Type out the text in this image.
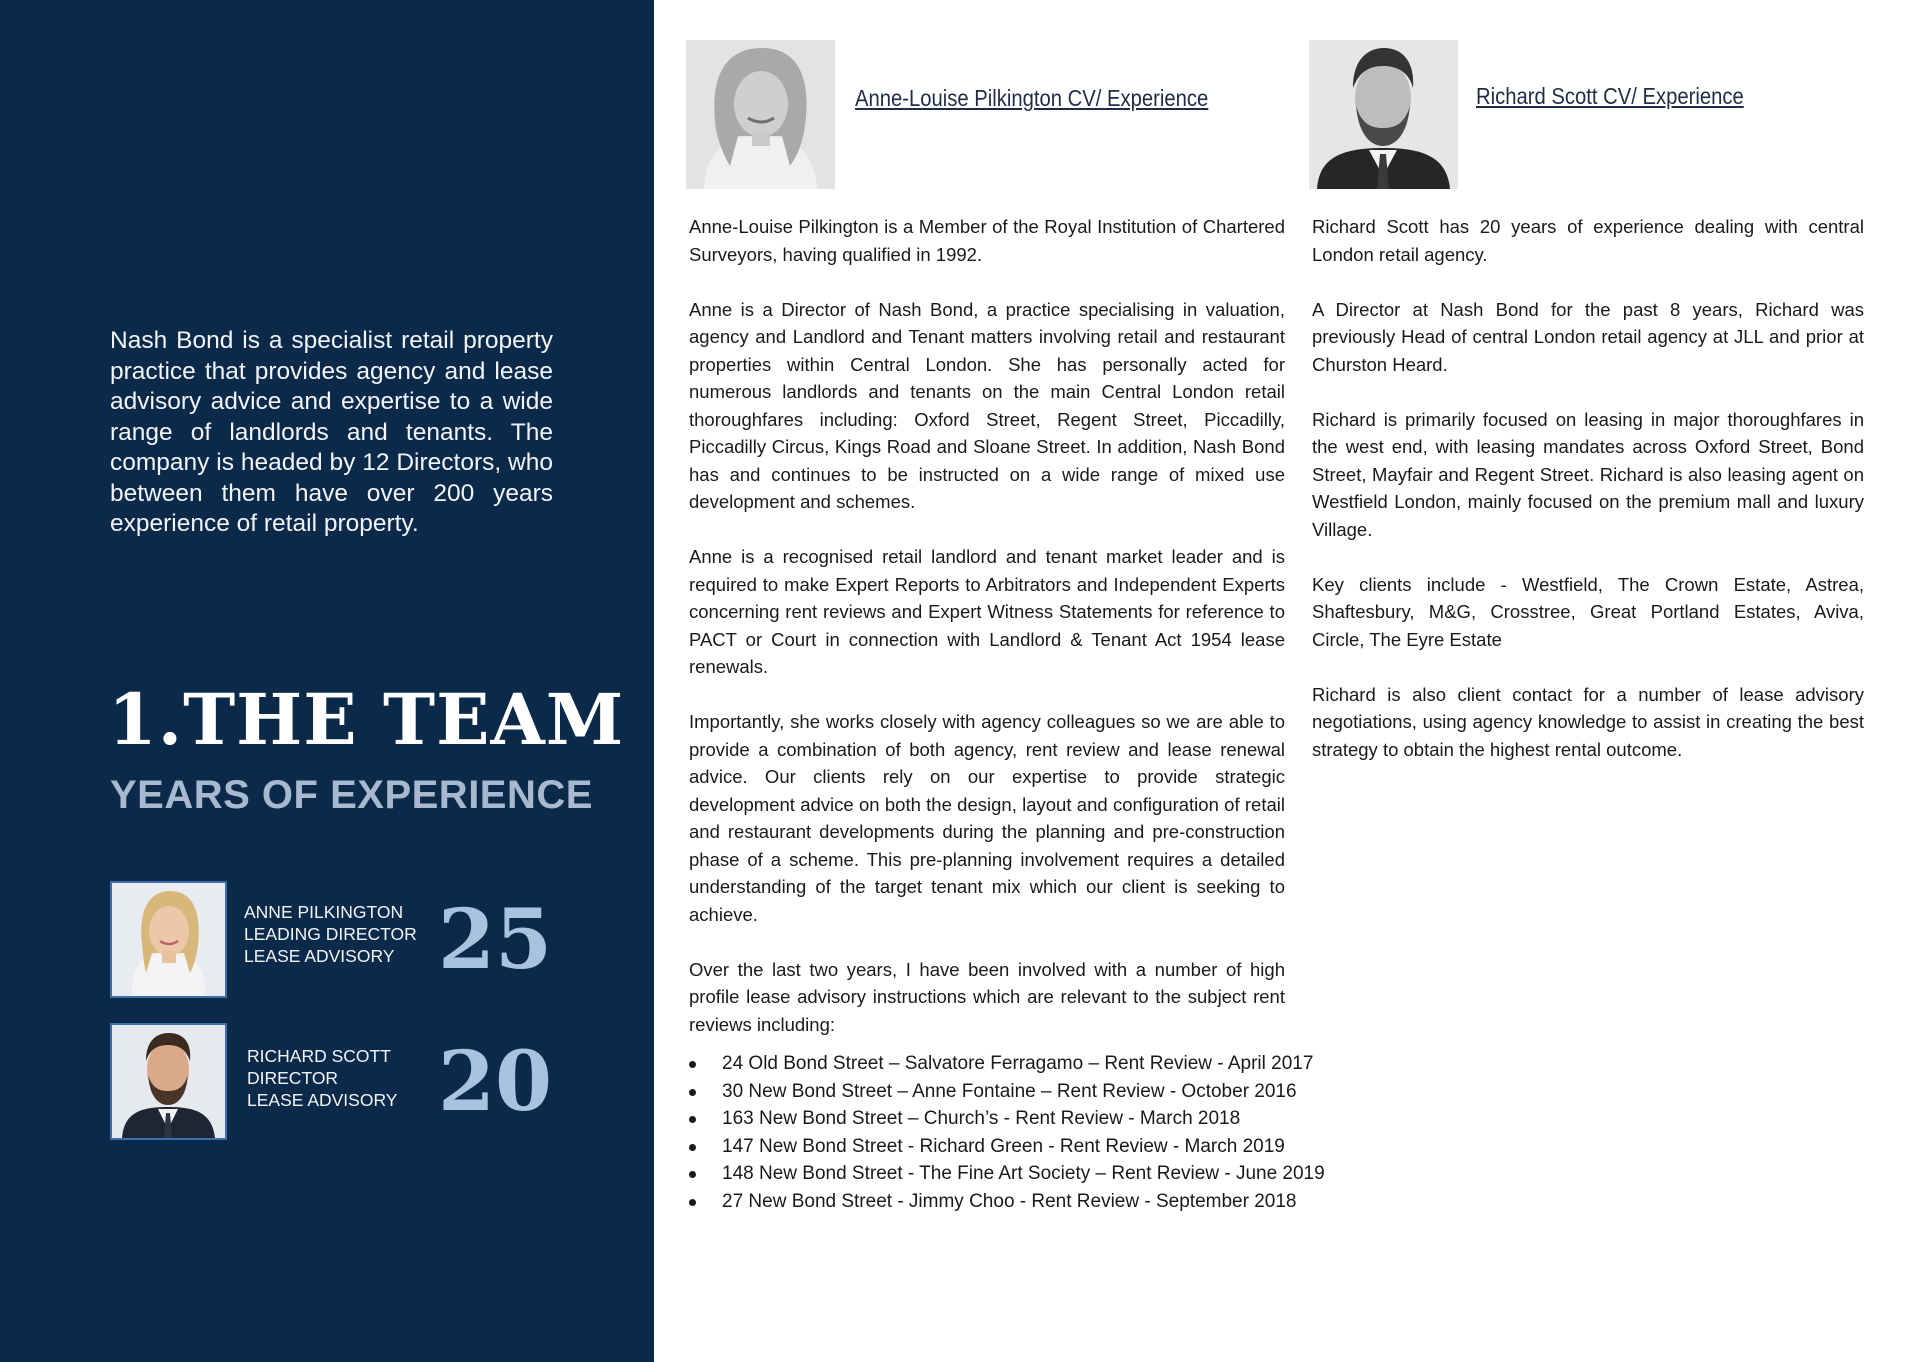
Nash Bond is a specialist retail property practice that provides agency and lease advisory advice and expertise to a wide range of landlords and tenants. The company is headed by 12 Directors, who between them have over 200 years experience of retail property.

1.THE TEAM
YEARS OF EXPERIENCE
ANNE PILKINGTON
LEADING DIRECTOR
LEASE ADVISORY 25
RICHARD SCOTT
DIRECTOR
LEASE ADVISORY 20
Anne-Louise Pilkington CV/ Experience

Anne-Louise Pilkington is a Member of the Royal Institution of Chartered Surveyors, having qualified in 1992.

Anne is a Director of Nash Bond, a practice specialising in valuation, agency and Landlord and Tenant matters involving retail and restaurant properties within Central London. She has personally acted for numerous landlords and tenants on the main Central London retail thoroughfares including: Oxford Street, Regent Street, Piccadilly, Piccadilly Circus, Kings Road and Sloane Street. In addition, Nash Bond has and continues to be instructed on a wide range of mixed use development and schemes.

Anne is a recognised retail landlord and tenant market leader and is required to make Expert Reports to Arbitrators and Independent Experts concerning rent reviews and Expert Witness Statements for reference to PACT or Court in connection with Landlord & Tenant Act 1954 lease renewals.

Importantly, she works closely with agency colleagues so we are able to provide a combination of both agency, rent review and lease renewal advice. Our clients rely on our expertise to provide strategic development advice on both the design, layout and configuration of retail and restaurant developments during the planning and pre-construction phase of a scheme. This pre-planning involvement requires a detailed understanding of the target tenant mix which our client is seeking to achieve.

Over the last two years, I have been involved with a number of high profile lease advisory instructions which are relevant to the subject rent reviews including:

24 Old Bond Street – Salvatore Ferragamo – Rent Review - April 2017
30 New Bond Street – Anne Fontaine – Rent Review - October 2016
163 New Bond Street – Church’s - Rent Review - March 2018
147 New Bond Street - Richard Green - Rent Review - March 2019
148 New Bond Street - The Fine Art Society – Rent Review - June 2019
27 New Bond Street - Jimmy Choo - Rent Review - September 2018
Richard Scott CV/ Experience

Richard Scott has 20 years of experience dealing with central London retail agency.

A Director at Nash Bond for the past 8 years, Richard was previously Head of central London retail agency at JLL and prior at Churston Heard.

Richard is primarily focused on leasing in major thoroughfares in the west end, with leasing mandates across Oxford Street, Bond Street, Mayfair and Regent Street. Richard is also leasing agent on Westfield London, mainly focused on the premium mall and luxury Village.

Key clients include - Westfield, The Crown Estate, Astrea, Shaftesbury, M&G, Crosstree, Great Portland Estates, Aviva, Circle, The Eyre Estate

Richard is also client contact for a number of lease advisory negotiations, using agency knowledge to assist in creating the best strategy to obtain the highest rental outcome.
